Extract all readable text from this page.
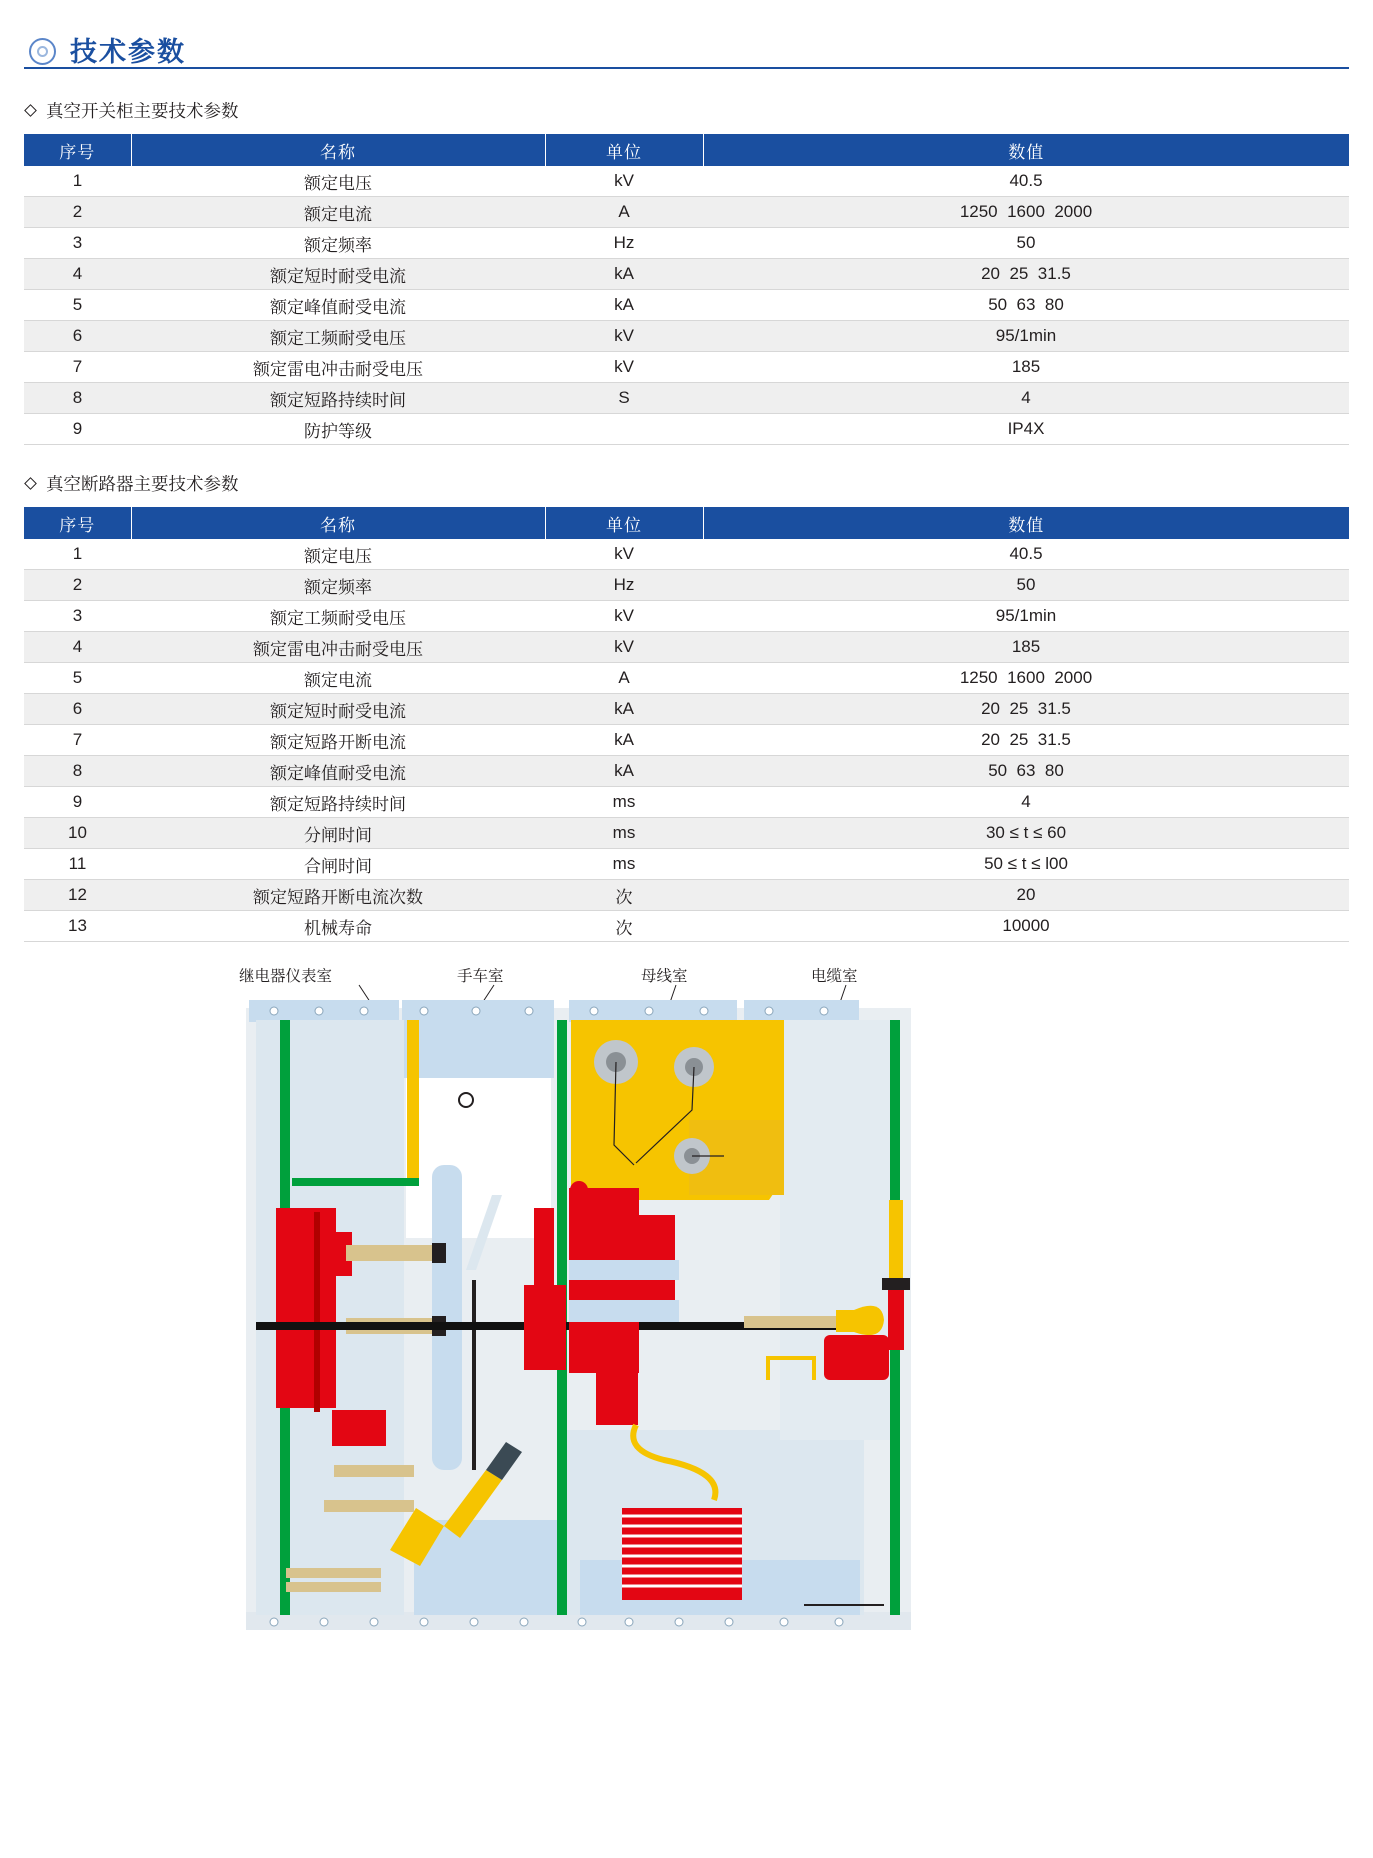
技术参数
真空开关柜主要技术参数
序号	名称	单位	数值
1	额定电压	kV	40.5
2	额定电流	A	1250  1600  2000
3	额定频率	Hz	50
4	额定短时耐受电流	kA	20  25  31.5
5	额定峰值耐受电流	kA	50  63  80
6	额定工频耐受电压	kV	95/1min
7	额定雷电冲击耐受电压	kV	185
8	额定短路持续时间	S	4
9	防护等级		IP4X
真空断路器主要技术参数
序号	名称	单位	数值
1	额定电压	kV	40.5
2	额定频率	Hz	50
3	额定工频耐受电压	kV	95/1min
4	额定雷电冲击耐受电压	kV	185
5	额定电流	A	1250  1600  2000
6	额定短时耐受电流	kA	20  25  31.5
7	额定短路开断电流	kA	20  25  31.5
8	额定峰值耐受电流	kA	50  63  80
9	额定短路持续时间	ms	4
10	分闸时间	ms	30 ≤ t ≤ 60
11	合闸时间	ms	50 ≤ t ≤ l00
12	额定短路开断电流次数	次	20
13	机械寿命	次	10000
继电器仪表室	手车室	母线室	电缆室
